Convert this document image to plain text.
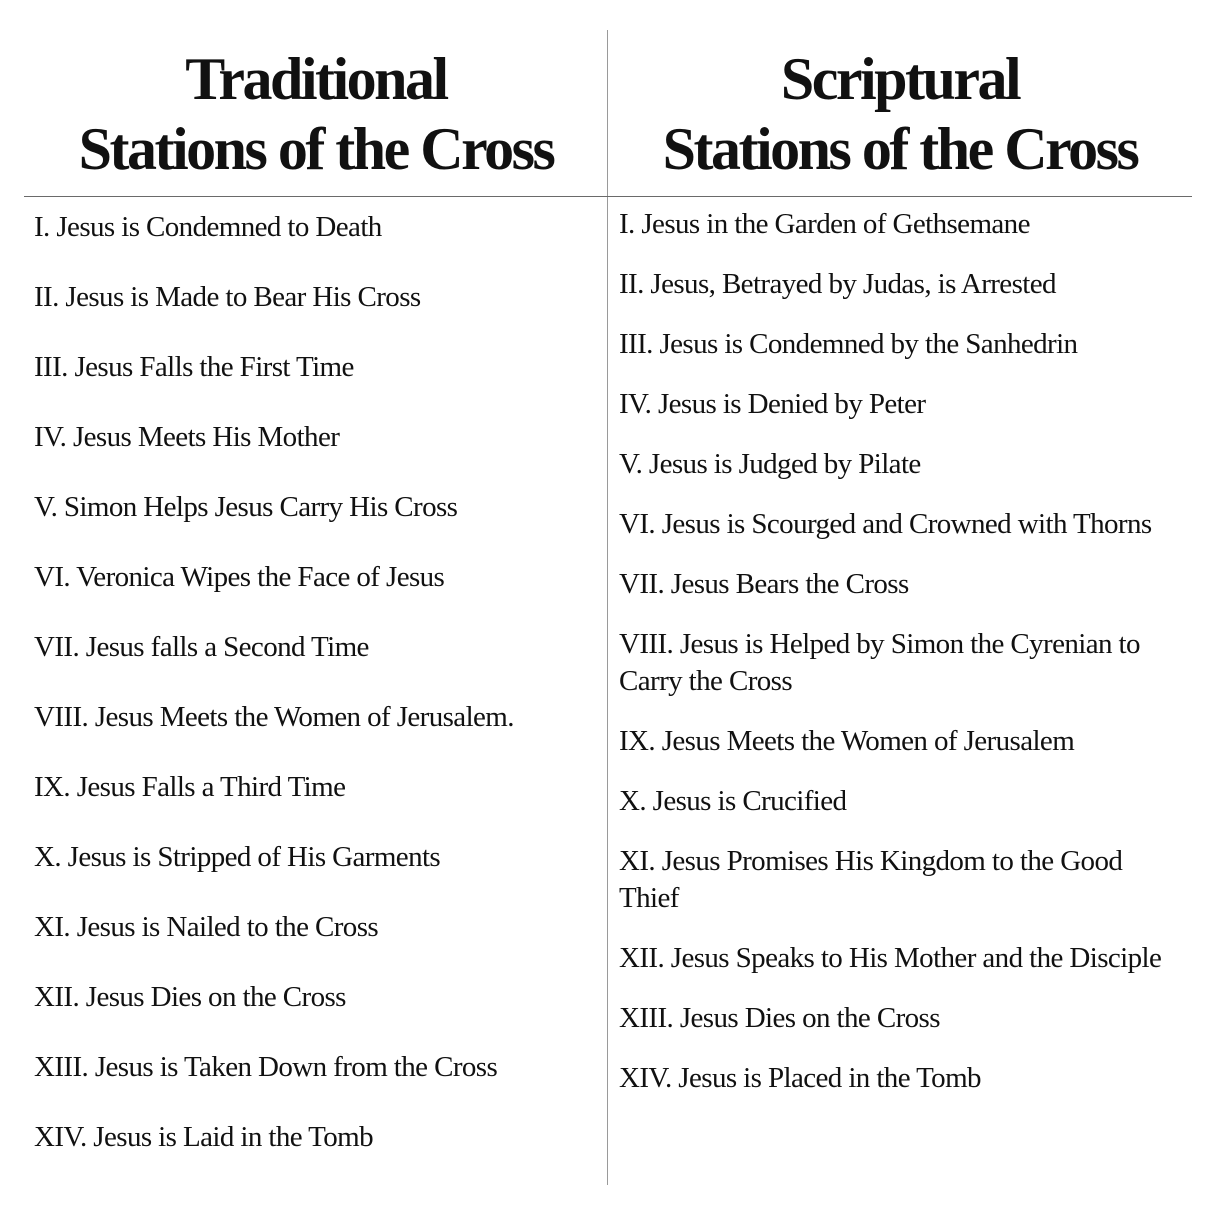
Traditional
Stations of the Cross
Scriptural
Stations of the Cross
I. Jesus is Condemned to Death
II. Jesus is Made to Bear His Cross
III. Jesus Falls the First Time
IV. Jesus Meets His Mother
V. Simon Helps Jesus Carry His Cross
VI. Veronica Wipes the Face of Jesus
VII. Jesus falls a Second Time
VIII. Jesus Meets the Women of Jerusalem.
IX. Jesus Falls a Third Time
X. Jesus is Stripped of His Garments
XI. Jesus is Nailed to the Cross
XII. Jesus Dies on the Cross
XIII. Jesus is Taken Down from the Cross
XIV. Jesus is Laid in the Tomb
I. Jesus in the Garden of Gethsemane
II. Jesus, Betrayed by Judas, is Arrested
III. Jesus is Condemned by the Sanhedrin
IV. Jesus is Denied by Peter
V. Jesus is Judged by Pilate
VI. Jesus is Scourged and Crowned with Thorns
VII. Jesus Bears the Cross
VIII. Jesus is Helped by Simon the Cyrenian to Carry the Cross
IX. Jesus Meets the Women of Jerusalem
X. Jesus is Crucified
XI. Jesus Promises His Kingdom to the Good Thief
XII. Jesus Speaks to His Mother and the Disciple
XIII. Jesus Dies on the Cross
XIV. Jesus is Placed in the Tomb
